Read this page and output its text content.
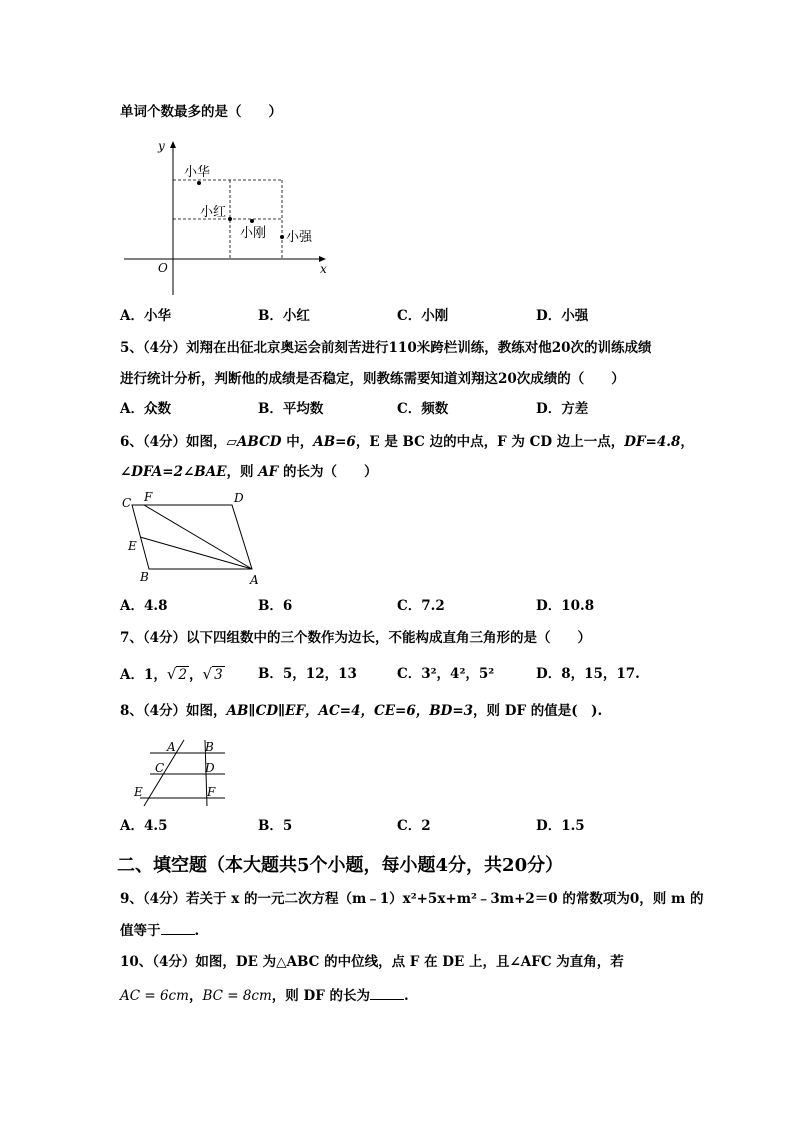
单词个数最多的是（　　）
y
x
O
小华
小红
小刚 小强
A．小华	B．小红	C．小刚	D．小强
5、（4分）刘翔在出征北京奥运会前刻苦进行110米跨栏训练，教练对他20次的训练成绩
进行统计分析，判断他的成绩是否稳定，则教练需要知道刘翔这20次成绩的（　　）
A．众数	B．平均数	C．频数	D．方差
6、（4分）如图，▱ABCD 中，AB=6，E 是 BC 边的中点，F 为 CD 边上一点，DF=4.8，
∠DFA=2∠BAE，则 AF 的长为（　　）
C F	D
E
B	A
A．4.8	B．6	C．7.2	D．10.8
7、（4分）以下四组数中的三个数作为边长，不能构成直角三角形的是（　　）
A．1，√ 2 ，√ 3	B．5，12，13	C．3²，4²，5²	D．8，15，17.
8、（4分）如图，AB∥CD∥EF，AC=4，CE=6，BD=3，则 DF 的值是(　).
A B
C	D
E	F
A．4.5	B．5	C．2	D．1.5
二、填空题（本大题共5个小题，每小题4分，共20分）
9、（4分）若关于 x 的一元二次方程（m﹣1）x²+5x+m²﹣3m+2＝0 的常数项为0，则 m 的
值等于	.
10、（4分）如图，DE 为△ABC 的中位线，点 F 在 DE 上，且∠AFC 为直角，若
AC = 6cm，BC = 8cm，则 DF 的长为	.
